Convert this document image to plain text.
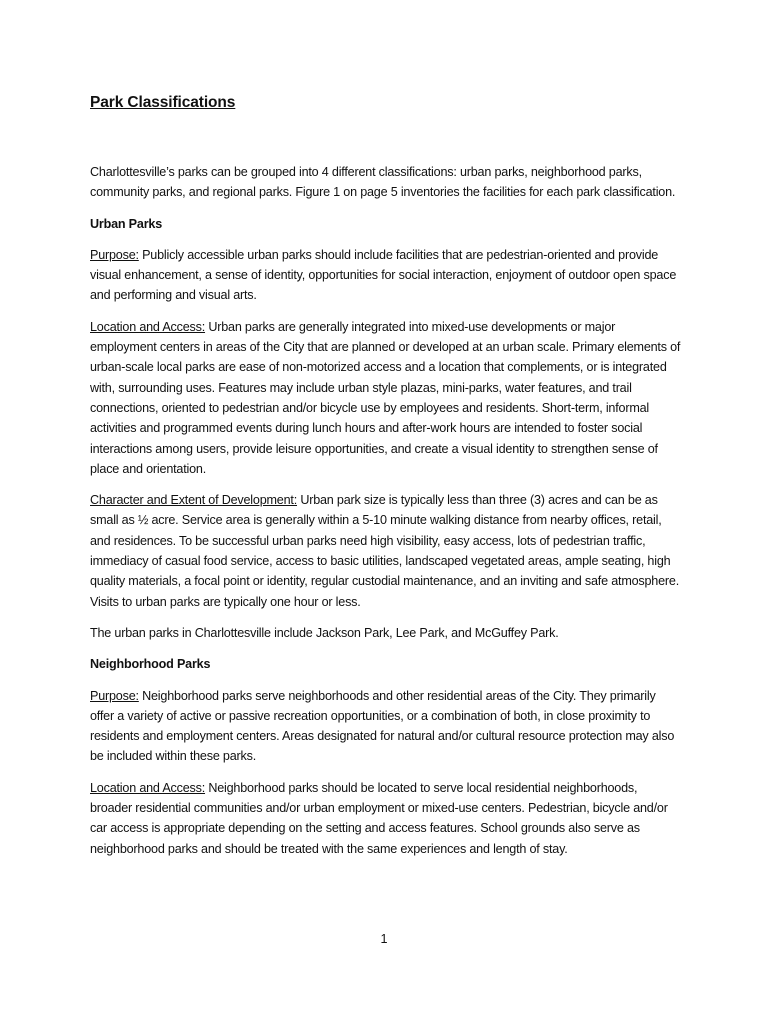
Park Classifications

Charlottesville’s parks can be grouped into 4 different classifications: urban parks, neighborhood parks, community parks, and regional parks. Figure 1 on page 5 inventories the facilities for each park classification.

Urban Parks

Purpose: Publicly accessible urban parks should include facilities that are pedestrian-oriented and provide visual enhancement, a sense of identity, opportunities for social interaction, enjoyment of outdoor open space and performing and visual arts.

Location and Access: Urban parks are generally integrated into mixed-use developments or major employment centers in areas of the City that are planned or developed at an urban scale. Primary elements of urban-scale local parks are ease of non-motorized access and a location that complements, or is integrated with, surrounding uses. Features may include urban style plazas, mini-parks, water features, and trail connections, oriented to pedestrian and/or bicycle use by employees and residents. Short-term, informal activities and programmed events during lunch hours and after-work hours are intended to foster social interactions among users, provide leisure opportunities, and create a visual identity to strengthen sense of place and orientation.

Character and Extent of Development: Urban park size is typically less than three (3) acres and can be as small as ½ acre. Service area is generally within a 5-10 minute walking distance from nearby offices, retail, and residences. To be successful urban parks need high visibility, easy access, lots of pedestrian traffic, immediacy of casual food service, access to basic utilities, landscaped vegetated areas, ample seating, high quality materials, a focal point or identity, regular custodial maintenance, and an inviting and safe atmosphere. Visits to urban parks are typically one hour or less.

The urban parks in Charlottesville include Jackson Park, Lee Park, and McGuffey Park.

Neighborhood Parks

Purpose: Neighborhood parks serve neighborhoods and other residential areas of the City. They primarily offer a variety of active or passive recreation opportunities, or a combination of both, in close proximity to residents and employment centers. Areas designated for natural and/or cultural resource protection may also be included within these parks.

Location and Access: Neighborhood parks should be located to serve local residential neighborhoods, broader residential communities and/or urban employment or mixed-use centers. Pedestrian, bicycle and/or car access is appropriate depending on the setting and access features. School grounds also serve as neighborhood parks and should be treated with the same experiences and length of stay.

1
